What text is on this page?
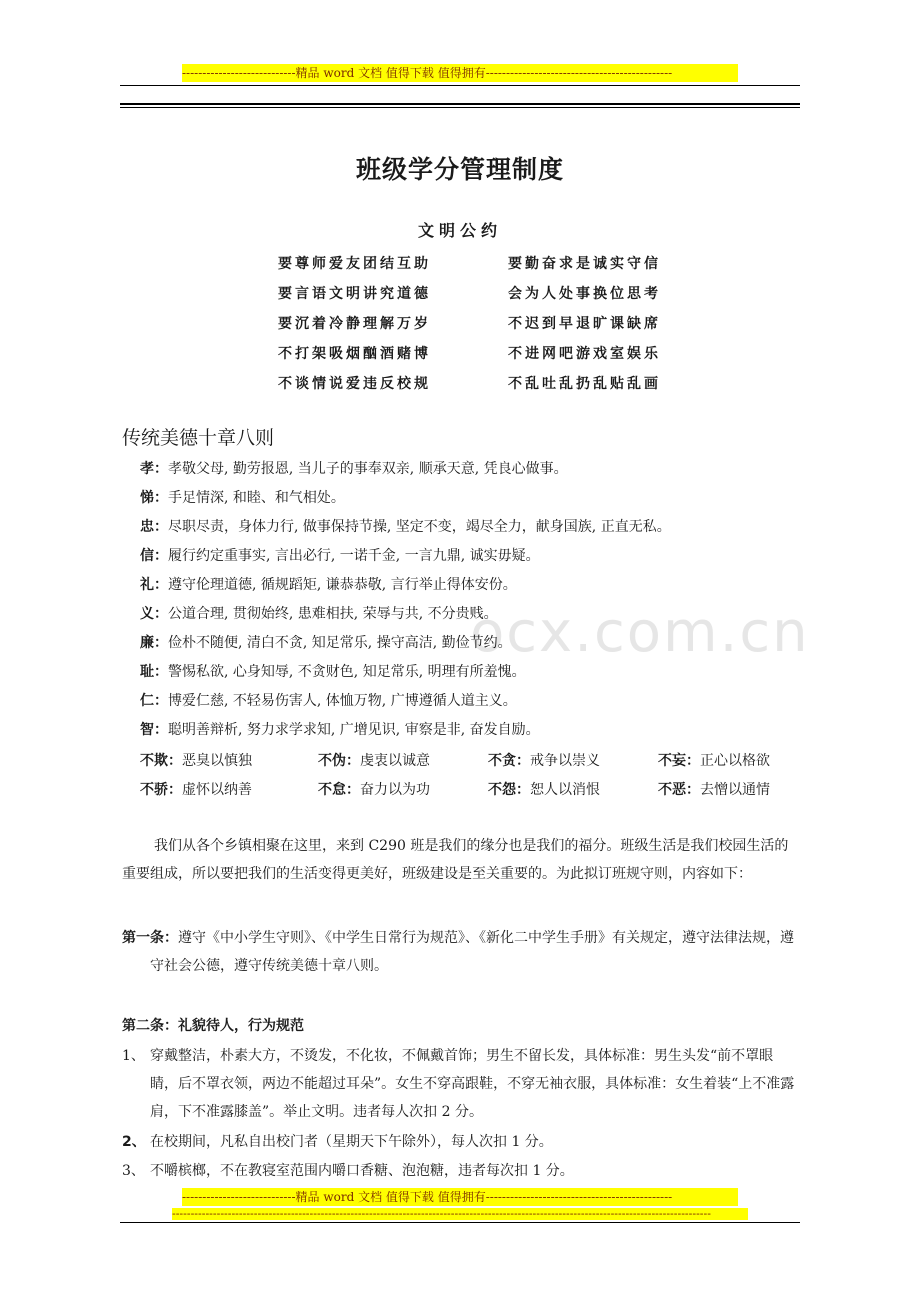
----------------------------精品 word 文档 值得下载 值得拥有----------------------------------------------
班级学分管理制度
文明公约
要尊师爱友团结互助	要勤奋求是诚实守信
要言语文明讲究道德	会为人处事换位思考
要沉着冷静理解万岁	不迟到早退旷课缺席
不打架吸烟酗酒赌博	不进网吧游戏室娱乐
不谈情说爱违反校规	不乱吐乱扔乱贴乱画
传统美德十章八则
ocx.com.cn
孝：孝敬父母, 勤劳报恩, 当儿子的事奉双亲, 顺承天意, 凭良心做事。
悌：手足情深, 和睦、和气相处。
忠：尽职尽责，身体力行, 做事保持节操, 坚定不变，竭尽全力，献身国族, 正直无私。
信：履行约定重事实, 言出必行, 一诺千金, 一言九鼎, 诚实毋疑。
礼：遵守伦理道德, 循规蹈矩, 谦恭恭敬, 言行举止得体安份。
义：公道合理, 贯彻始终, 患难相扶, 荣辱与共, 不分贵贱。
廉：俭朴不随便, 清白不贪, 知足常乐, 操守高洁, 勤俭节约。
耻：警惕私欲, 心身知辱, 不贪财色, 知足常乐, 明理有所羞愧。
仁：博爱仁慈, 不轻易伤害人, 体恤万物, 广博遵循人道主义。
智：聪明善辩析, 努力求学求知, 广增见识, 审察是非, 奋发自励。
不欺：恶臭以慎独	不伪：虔衷以诚意	不贪：戒争以崇义	不妄：正心以格欲
不骄：虚怀以纳善	不怠：奋力以为功	不怨：恕人以消恨	不恶：去憎以通情
我们从各个乡镇相聚在这里，来到 C290 班是我们的缘分也是我们的福分。班级生活是我们校园生活的重要组成，所以要把我们的生活变得更美好，班级建设是至关重要的。为此拟订班规守则，内容如下：
第一条：遵守《中小学生守则》、《中学生日常行为规范》、《新化二中学生手册》有关规定，遵守法律法规，遵守社会公德，遵守传统美德十章八则。
第二条：礼貌待人，行为规范
1、 穿戴整洁，朴素大方，不烫发，不化妆，不佩戴首饰；男生不留长发，具体标准：男生头发“前不罩眼睛，后不罩衣领，两边不能超过耳朵”。女生不穿高跟鞋，不穿无袖衣服，具体标准：女生着装“上不准露肩，下不准露膝盖”。举止文明。违者每人次扣 2 分。
2、 在校期间，凡私自出校门者（星期天下午除外），每人次扣 1 分。
3、 不嚼槟榔，不在教寝室范围内嚼口香糖、泡泡糖，违者每次扣 1 分。
----------------------------精品 word 文档 值得下载 值得拥有----------------------------------------------
-------------------------------------------------------------------------------------------------------------------------------------------------
